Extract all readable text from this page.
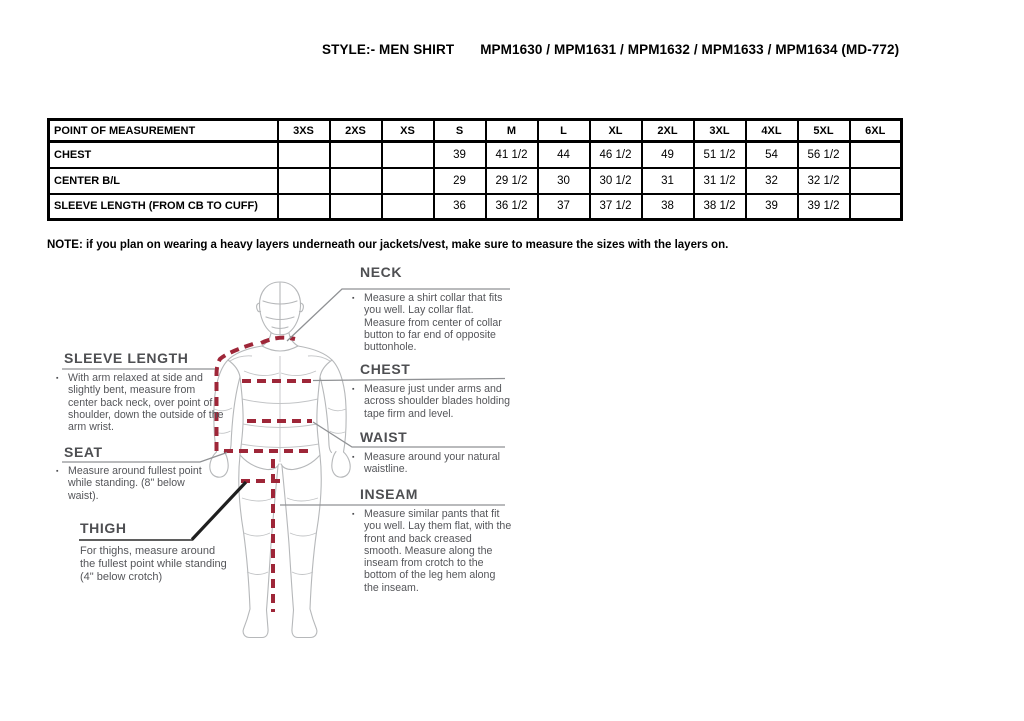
STYLE:- MEN SHIRT MPM1630 / MPM1631 / MPM1632 / MPM1633 / MPM1634 (MD-772)
POINT OF MEASUREMENT	3XS	2XS	XS	S	M	L	XL	2XL	3XL	4XL	5XL	6XL
CHEST				39	41 1/2	44	46 1/2	49	51 1/2	54	56 1/2	
CENTER B/L				29	29 1/2	30	30 1/2	31	31 1/2	32	32 1/2	
SLEEVE LENGTH (FROM CB TO CUFF)				36	36 1/2	37	37 1/2	38	38 1/2	39	39 1/2	
NOTE: if you plan on wearing a heavy layers underneath our jackets/vest, make sure to measure the sizes with the layers on.
NECK
▪ Measure a shirt collar that fits you well. Lay collar flat. Measure from center of collar button to far end of opposite buttonhole.
SLEEVE LENGTH
▪ With arm relaxed at side and slightly bent, measure from center back neck, over point of shoulder, down the outside of the arm wrist.
CHEST
▪ Measure just under arms and across shoulder blades holding tape firm and level.
WAIST
▪ Measure around your natural waistline.
SEAT
▪ Measure around fullest point while standing. (8" below waist).
THIGH
For thighs, measure around the fullest point while standing (4" below crotch)
INSEAM
▪ Measure similar pants that fit you well. Lay them flat, with the front and back creased smooth. Measure along the inseam from crotch to the bottom of the leg hem along the inseam.
